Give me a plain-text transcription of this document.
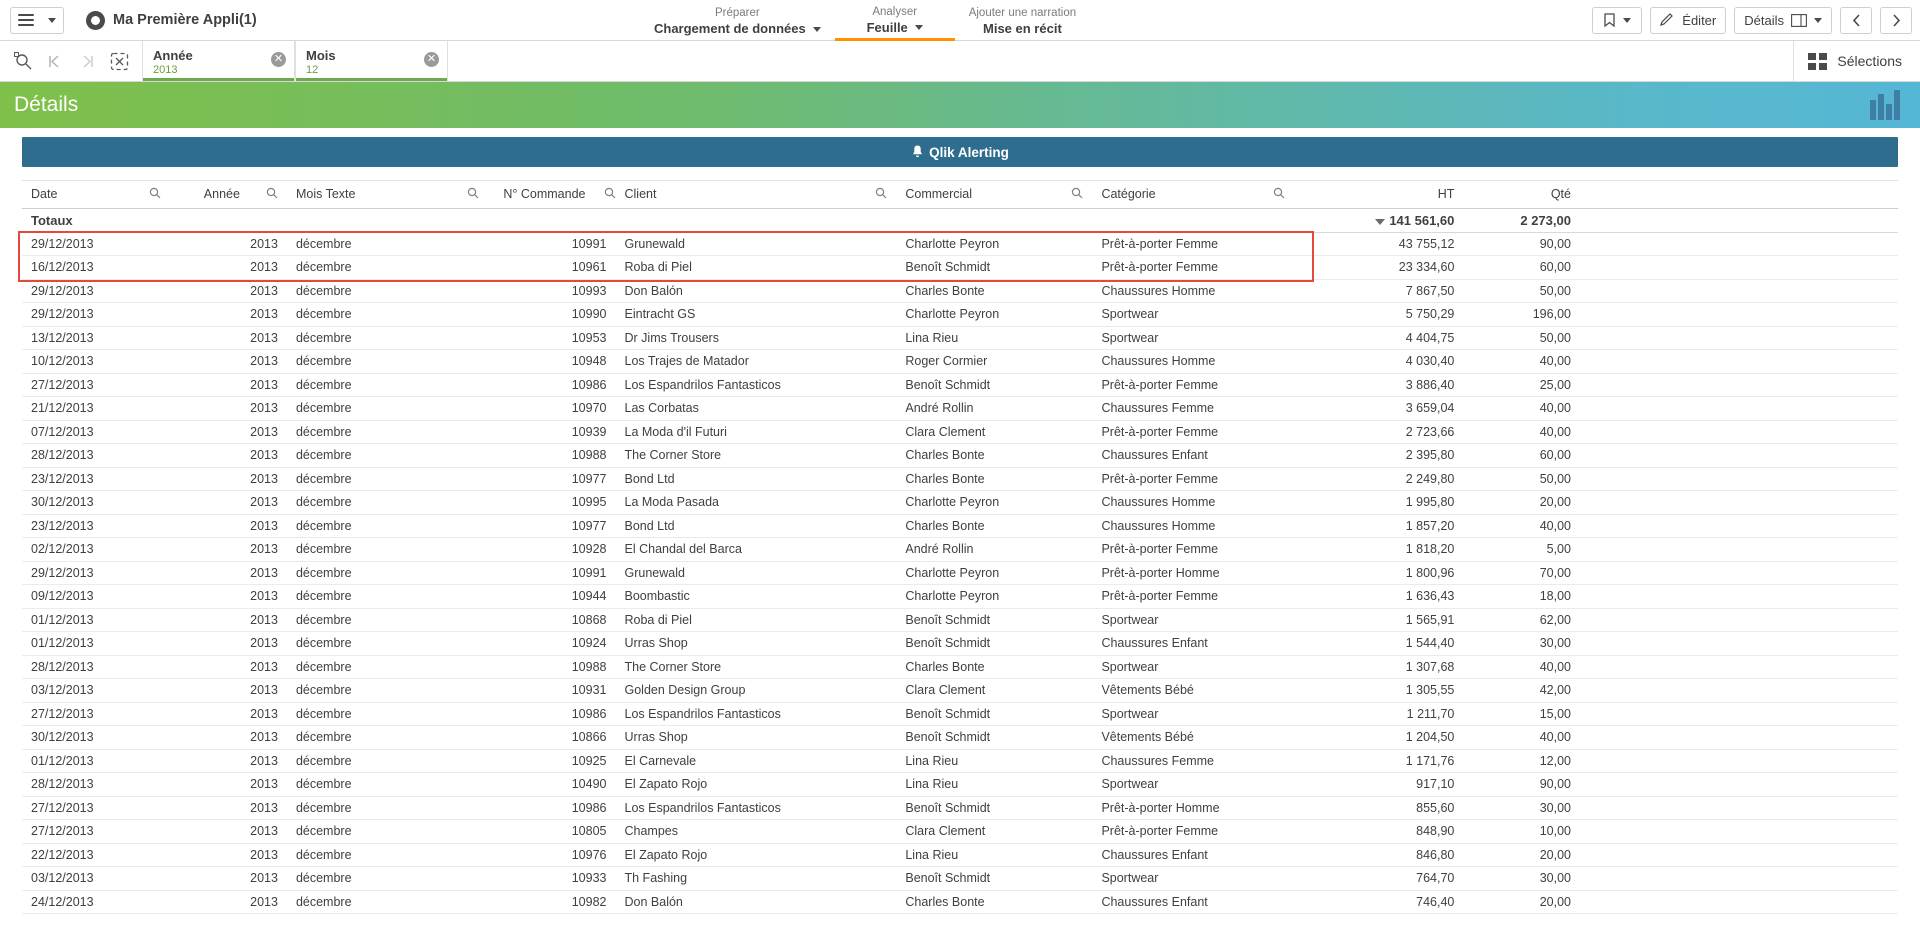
Ma Première Appli(1)	Préparer
Chargement de données
Analyser
Feuille
Ajouter une narration
Mise en récit
Éditer Détails
Année
2013
✕ Mois
12
✕	Sélections
Détails
Qlik Alerting
Date	Année	Mois Texte	N° Commande	Client	Commercial	Catégorie	HT	Qté	
Totaux							141 561,60	2 273,00	
29/12/2013	2013	décembre	10991	Grunewald	Charlotte Peyron	Prêt-à-porter Femme	43 755,12	90,00	
16/12/2013	2013	décembre	10961	Roba di Piel	Benoît Schmidt	Prêt-à-porter Femme	23 334,60	60,00	
29/12/2013	2013	décembre	10993	Don Balón	Charles Bonte	Chaussures Homme	7 867,50	50,00	
29/12/2013	2013	décembre	10990	Eintracht GS	Charlotte Peyron	Sportwear	5 750,29	196,00	
13/12/2013	2013	décembre	10953	Dr Jims Trousers	Lina Rieu	Sportwear	4 404,75	50,00	
10/12/2013	2013	décembre	10948	Los Trajes de Matador	Roger Cormier	Chaussures Homme	4 030,40	40,00	
27/12/2013	2013	décembre	10986	Los Espandrilos Fantasticos	Benoît Schmidt	Prêt-à-porter Femme	3 886,40	25,00	
21/12/2013	2013	décembre	10970	Las Corbatas	André Rollin	Chaussures Femme	3 659,04	40,00	
07/12/2013	2013	décembre	10939	La Moda d'il Futuri	Clara Clement	Prêt-à-porter Femme	2 723,66	40,00	
28/12/2013	2013	décembre	10988	The Corner Store	Charles Bonte	Chaussures Enfant	2 395,80	60,00	
23/12/2013	2013	décembre	10977	Bond Ltd	Charles Bonte	Prêt-à-porter Femme	2 249,80	50,00	
30/12/2013	2013	décembre	10995	La Moda Pasada	Charlotte Peyron	Chaussures Homme	1 995,80	20,00	
23/12/2013	2013	décembre	10977	Bond Ltd	Charles Bonte	Chaussures Homme	1 857,20	40,00	
02/12/2013	2013	décembre	10928	El Chandal del Barca	André Rollin	Prêt-à-porter Femme	1 818,20	5,00	
29/12/2013	2013	décembre	10991	Grunewald	Charlotte Peyron	Prêt-à-porter Homme	1 800,96	70,00	
09/12/2013	2013	décembre	10944	Boombastic	Charlotte Peyron	Prêt-à-porter Femme	1 636,43	18,00	
01/12/2013	2013	décembre	10868	Roba di Piel	Benoît Schmidt	Sportwear	1 565,91	62,00	
01/12/2013	2013	décembre	10924	Urras Shop	Benoît Schmidt	Chaussures Enfant	1 544,40	30,00	
28/12/2013	2013	décembre	10988	The Corner Store	Charles Bonte	Sportwear	1 307,68	40,00	
03/12/2013	2013	décembre	10931	Golden Design Group	Clara Clement	Vêtements Bébé	1 305,55	42,00	
27/12/2013	2013	décembre	10986	Los Espandrilos Fantasticos	Benoît Schmidt	Sportwear	1 211,70	15,00	
30/12/2013	2013	décembre	10866	Urras Shop	Benoît Schmidt	Vêtements Bébé	1 204,50	40,00	
01/12/2013	2013	décembre	10925	El Carnevale	Lina Rieu	Chaussures Femme	1 171,76	12,00	
28/12/2013	2013	décembre	10490	El Zapato Rojo	Lina Rieu	Sportwear	917,10	90,00	
27/12/2013	2013	décembre	10986	Los Espandrilos Fantasticos	Benoît Schmidt	Prêt-à-porter Homme	855,60	30,00	
27/12/2013	2013	décembre	10805	Champes	Clara Clement	Prêt-à-porter Femme	848,90	10,00	
22/12/2013	2013	décembre	10976	El Zapato Rojo	Lina Rieu	Chaussures Enfant	846,80	20,00	
03/12/2013	2013	décembre	10933	Th Fashing	Benoît Schmidt	Sportwear	764,70	30,00	
24/12/2013	2013	décembre	10982	Don Balón	Charles Bonte	Chaussures Enfant	746,40	20,00	
